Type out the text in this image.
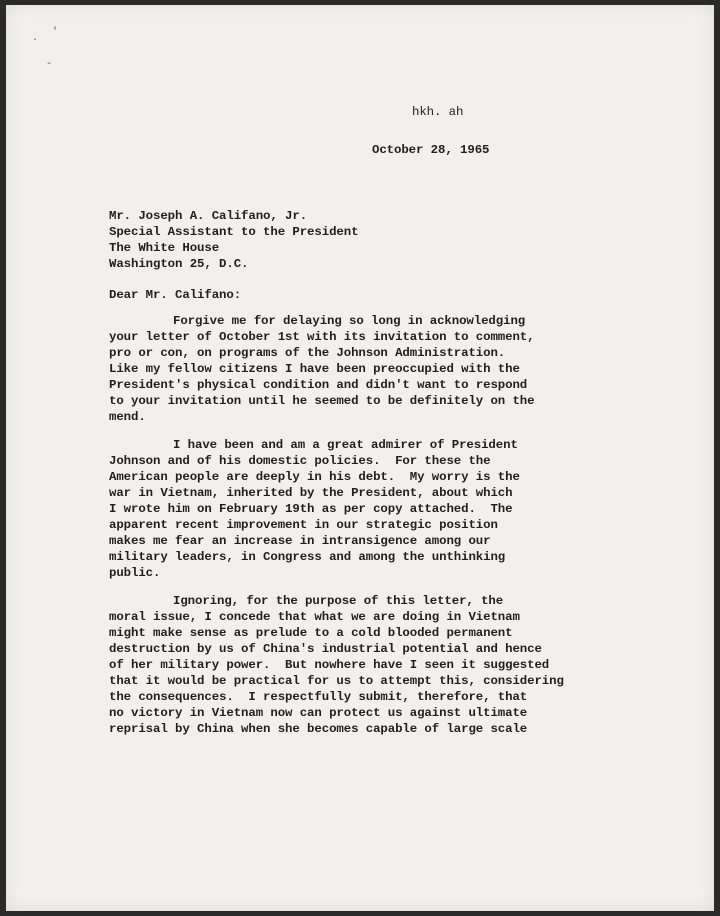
·
'
-
hkh. ah
October 28, 1965
Mr. Joseph A. Califano, Jr.
Special Assistant to the President
The White House
Washington 25, D.C.
Dear Mr. Califano:
Forgive me for delaying so long in acknowledging
your letter of October 1st with its invitation to comment,
pro or con, on programs of the Johnson Administration.
Like my fellow citizens I have been preoccupied with the
President's physical condition and didn't want to respond
to your invitation until he seemed to be definitely on the
mend.
I have been and am a great admirer of President
Johnson and of his domestic policies.  For these the
American people are deeply in his debt.  My worry is the
war in Vietnam, inherited by the President, about which
I wrote him on February 19th as per copy attached.  The
apparent recent improvement in our strategic position
makes me fear an increase in intransigence among our
military leaders, in Congress and among the unthinking
public.
Ignoring, for the purpose of this letter, the
moral issue, I concede that what we are doing in Vietnam
might make sense as prelude to a cold blooded permanent
destruction by us of China's industrial potential and hence
of her military power.  But nowhere have I seen it suggested
that it would be practical for us to attempt this, considering
the consequences.  I respectfully submit, therefore, that
no victory in Vietnam now can protect us against ultimate
reprisal by China when she becomes capable of large scale
